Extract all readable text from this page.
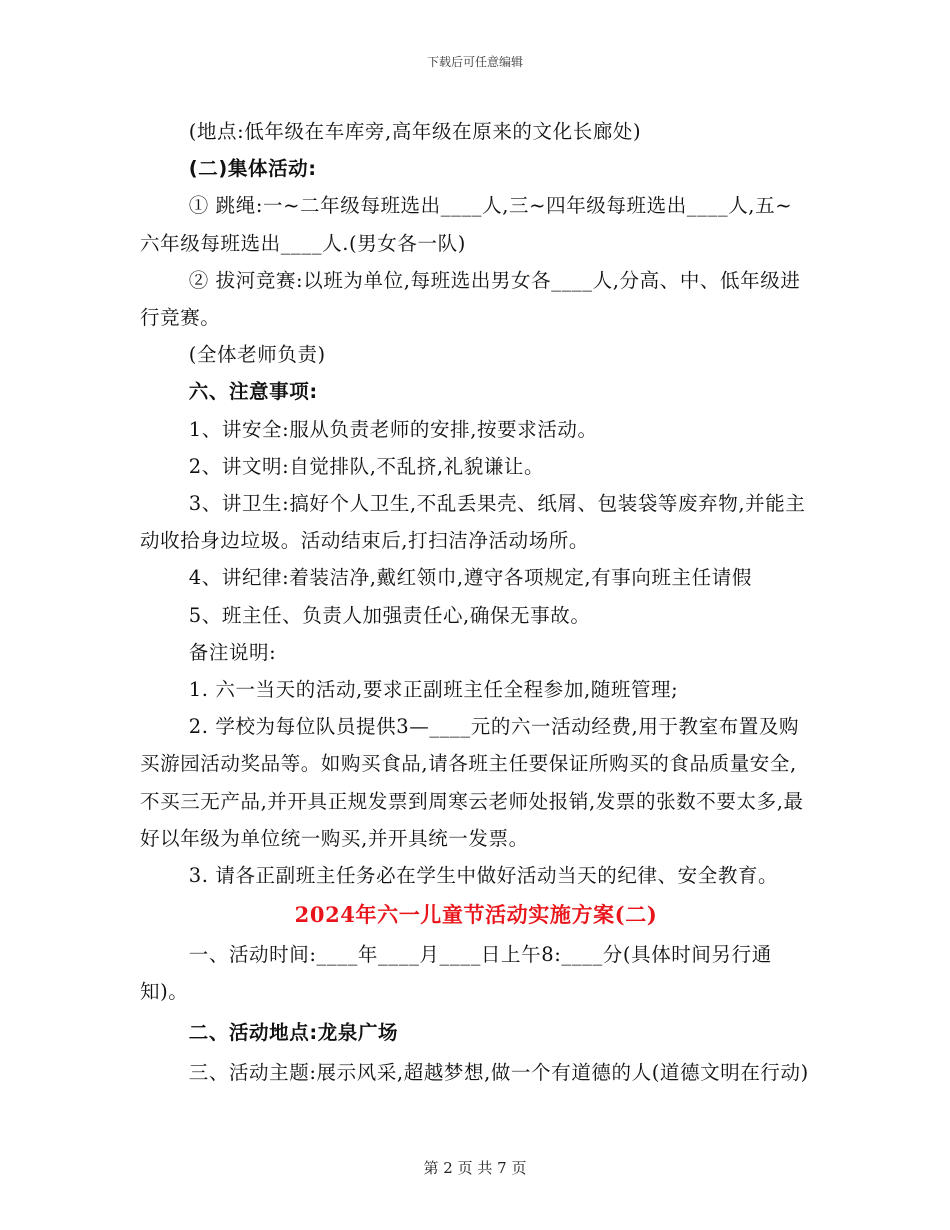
下载后可任意编辑

(地点:低年级在车库旁,高年级在原来的文化长廊处)

(二)集体活动:

① 跳绳:一~二年级每班选出____人,三~四年级每班选出____人,五~六年级每班选出____人.(男女各一队)

② 拔河竞赛:以班为单位,每班选出男女各____人,分高、中、低年级进行竞赛。

(全体老师负责)

六、注意事项:

1、讲安全:服从负责老师的安排,按要求活动。

2、讲文明:自觉排队,不乱挤,礼貌谦让。

3、讲卫生:搞好个人卫生,不乱丢果壳、纸屑、包装袋等废弃物,并能主动收拾身边垃圾。活动结束后,打扫洁净活动场所。

4、讲纪律:着装洁净,戴红领巾,遵守各项规定,有事向班主任请假

5、班主任、负责人加强责任心,确保无事故。

备注说明:

1. 六一当天的活动,要求正副班主任全程参加,随班管理;

2. 学校为每位队员提供3—____元的六一活动经费,用于教室布置及购买游园活动奖品等。如购买食品,请各班主任要保证所购买的食品质量安全,不买三无产品,并开具正规发票到周寒云老师处报销,发票的张数不要太多,最好以年级为单位统一购买,并开具统一发票。

3. 请各正副班主任务必在学生中做好活动当天的纪律、安全教育。

2024年六一儿童节活动实施方案(二)

一、活动时间:____年____月____日上午8:____分(具体时间另行通知)。

二、活动地点:龙泉广场

三、活动主题:展示风采,超越梦想,做一个有道德的人(道德文明在行动)

第 2 页 共 7 页
